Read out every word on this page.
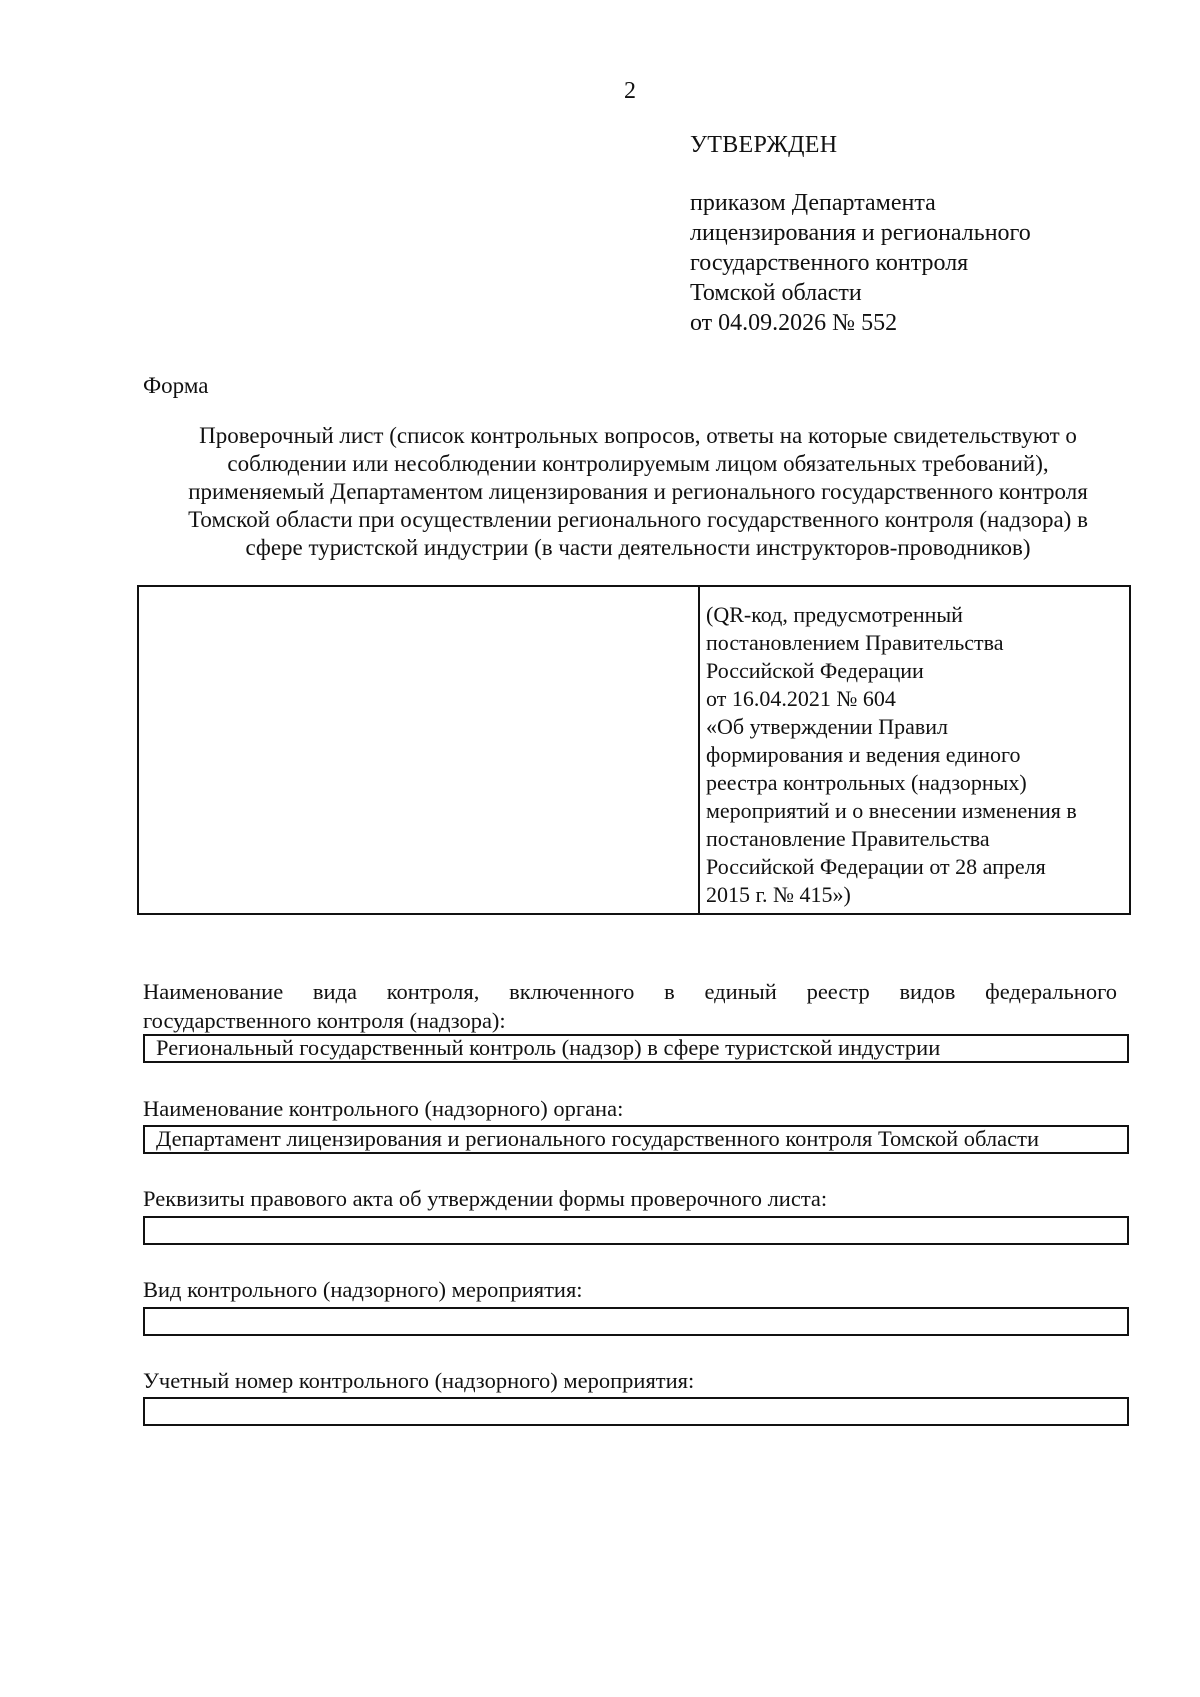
2
УТВЕРЖДЕН
приказом Департамента
лицензирования и регионального
государственного контроля
Томской области
от 04.09.2026 № 552
Форма
Проверочный лист (список контрольных вопросов, ответы на которые свидетельствуют о
соблюдении или несоблюдении контролируемым лицом обязательных требований),
применяемый Департаментом лицензирования и регионального государственного контроля
Томской области при осуществлении регионального государственного контроля (надзора) в
сфере туристской индустрии (в части деятельности инструкторов-проводников)
(QR-код, предусмотренный
постановлением Правительства
Российской Федерации
от 16.04.2021 № 604
«Об утверждении Правил
формирования и ведения единого
реестра контрольных (надзорных)
мероприятий и о внесении изменения в
постановление Правительства
Российской Федерации от 28 апреля
2015 г. № 415»)
Наименование вида контроля, включенного в единый реестр видов федерального
государственного контроля (надзора):
Региональный государственный контроль (надзор) в сфере туристской индустрии
Наименование контрольного (надзорного) органа:
Департамент лицензирования и регионального государственного контроля Томской области
Реквизиты правового акта об утверждении формы проверочного листа:
Вид контрольного (надзорного) мероприятия:
Учетный номер контрольного (надзорного) мероприятия:
